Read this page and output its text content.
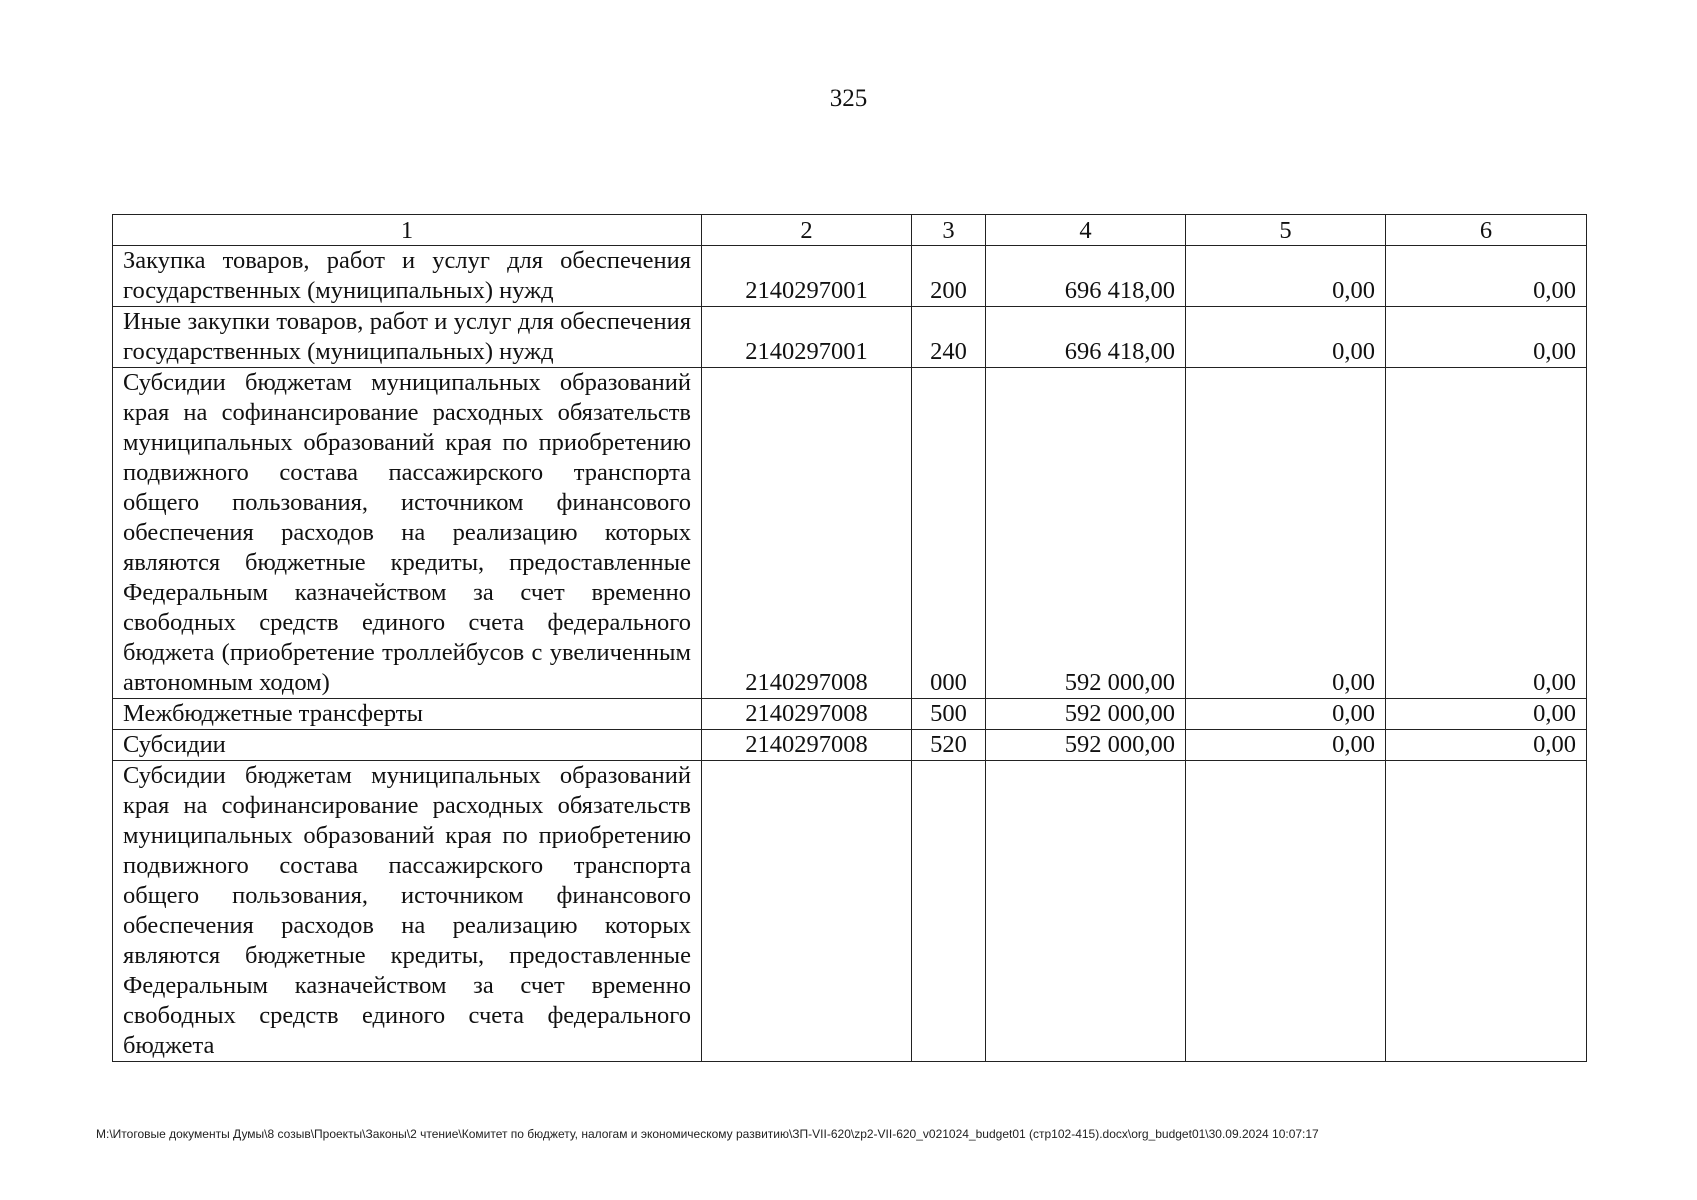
325
1	2	3	4	5	6
Закупка товаров, работ и услуг для обеспечения государственных (муниципальных) нужд	2140297001	200	696 418,00	0,00	0,00
Иные закупки товаров, работ и услуг для обеспечения государственных (муниципальных) нужд	2140297001	240	696 418,00	0,00	0,00
Субсидии бюджетам муниципальных образований края на софинансирование расходных обязательств муниципальных образований края по приобретению подвижного состава пассажирского транспорта общего пользования, источником финансового обеспечения расходов на реализацию которых являются бюджетные кредиты, предоставленные Федеральным казначейством за счет временно свободных средств единого счета федерального бюджета (приобретение троллейбусов с увеличенным автономным ходом)	2140297008	000	592 000,00	0,00	0,00
Межбюджетные трансферты	2140297008	500	592 000,00	0,00	0,00
Субсидии	2140297008	520	592 000,00	0,00	0,00
Субсидии бюджетам муниципальных образований края на софинансирование расходных обязательств муниципальных образований края по приобретению подвижного состава пассажирского транспорта общего пользования, источником финансового обеспечения расходов на реализацию которых являются бюджетные кредиты, предоставленные Федеральным казначейством за счет временно свободных средств единого счета федерального бюджета					
M:\Итоговые документы Думы\8 созыв\Проекты\Законы\2 чтение\Комитет по бюджету, налогам и экономическому развитию\ЗП-VII-620\zp2-VII-620_v021024_budget01 (стр102-415).docx\org_budget01\30.09.2024 10:07:17
